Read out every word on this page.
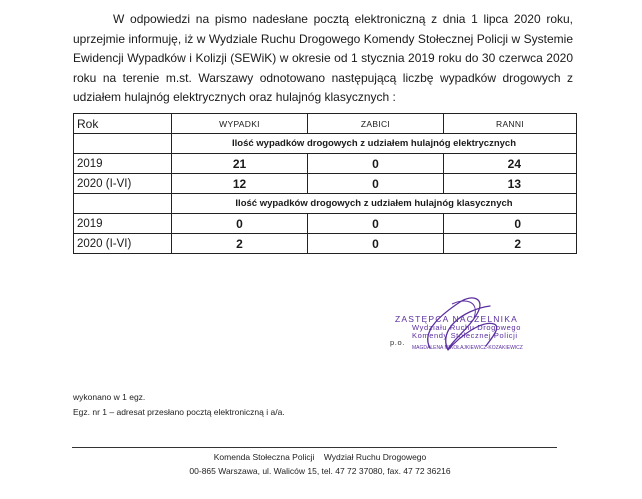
W odpowiedzi na pismo nadesłane pocztą elektroniczną z dnia 1 lipca 2020 roku, uprzejmie informuję, iż w Wydziale Ruchu Drogowego Komendy Stołecznej Policji w Systemie Ewidencji Wypadków i Kolizji (SEWiK) w okresie od 1 stycznia 2019 roku do 30 czerwca 2020 roku na terenie m.st. Warszawy odnotowano następującą liczbę wypadków drogowych z udziałem hulajnóg elektrycznych oraz hulajnóg klasycznych :

Rok	WYPADKI	ZABICI	RANNI
	Ilość wypadków drogowych z udziałem hulajnóg elektrycznych		
2019	21	0	24
2020 (I-VI)	12	0	13
	Ilość wypadków drogowych z udziałem hulajnóg klasycznych		
2019	0	0	0
2020 (I-VI)	2	0	2
ZASTĘPCA NACZELNIKA
Wydziału Ruchu Drogowego
Komendy Stołecznej Policji
p.o.
MAGDALENA MIKOŁAJKIEWICZ-KOZAKIEWICZ
wykonano w 1 egz.
Egz. nr 1 – adresat przesłano pocztą elektroniczną i a/a.
Komenda Stołeczna Policji    Wydział Ruchu Drogowego
00-865 Warszawa, ul. Waliców 15, tel. 47 72 37080, fax. 47 72 36216
